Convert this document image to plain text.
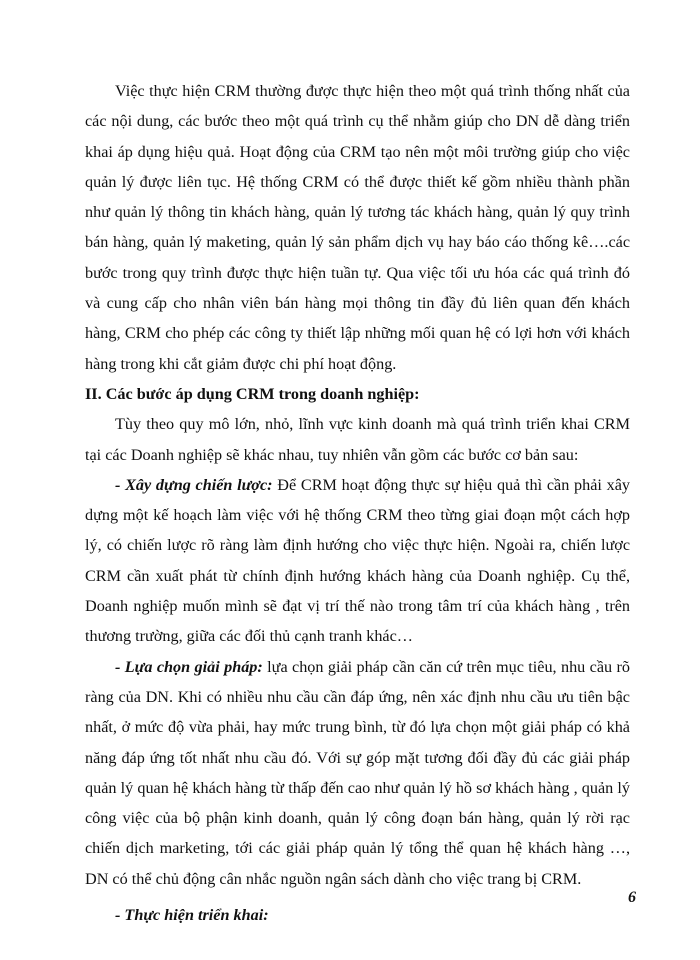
Việc thực hiện CRM thường được thực hiện theo một quá trình thống nhất của các nội dung, các bước theo một quá trình cụ thể nhằm giúp cho DN dễ dàng triển khai áp dụng hiệu quả. Hoạt động của CRM tạo nên một môi trường giúp cho việc quản lý được liên tục. Hệ thống CRM có thể được thiết kế gồm nhiều thành phần như quản lý thông tin khách hàng, quản lý tương tác khách hàng, quản lý quy trình bán hàng, quản lý maketing, quản lý sản phẩm dịch vụ hay báo cáo thống kê….các bước trong quy trình được thực hiện tuần tự. Qua việc tối ưu hóa các quá trình đó và cung cấp cho nhân viên bán hàng mọi thông tin đầy đủ liên quan đến khách hàng, CRM cho phép các công ty thiết lập những mối quan hệ có lợi hơn với khách hàng trong khi cắt giảm được chi phí hoạt động.

II. Các bước áp dụng CRM trong doanh nghiệp:

Tùy theo quy mô lớn, nhỏ, lĩnh vực kinh doanh mà quá trình triển khai CRM tại các Doanh nghiệp sẽ khác nhau, tuy nhiên vẫn gồm các bước cơ bản sau:

- Xây dựng chiến lược: Để CRM hoạt động thực sự hiệu quả thì cần phải xây dựng một kế hoạch làm việc với hệ thống CRM theo từng giai đoạn một cách hợp lý, có chiến lược rõ ràng làm định hướng cho việc thực hiện. Ngoài ra, chiến lược CRM cần xuất phát từ chính định hướng khách hàng của Doanh nghiệp. Cụ thể, Doanh nghiệp muốn mình sẽ đạt vị trí thế nào trong tâm trí của khách hàng , trên thương trường, giữa các đối thủ cạnh tranh khác…

- Lựa chọn giải pháp: lựa chọn giải pháp cần căn cứ trên mục tiêu, nhu cầu rõ ràng của DN. Khi có nhiều nhu cầu cần đáp ứng, nên xác định nhu cầu ưu tiên bậc nhất, ở mức độ vừa phải, hay mức trung bình, từ đó lựa chọn một giải pháp có khả năng đáp ứng tốt nhất nhu cầu đó. Với sự góp mặt tương đối đầy đủ các giải pháp quản lý quan hệ khách hàng từ thấp đến cao như quản lý hồ sơ khách hàng , quản lý công việc của bộ phận kinh doanh, quản lý công đoạn bán hàng, quản lý rời rạc chiến dịch marketing, tới các giải pháp quản lý tổng thể quan hệ khách hàng …, DN có thể chủ động cân nhắc nguồn ngân sách dành cho việc trang bị CRM.

- Thực hiện triển khai:

6
